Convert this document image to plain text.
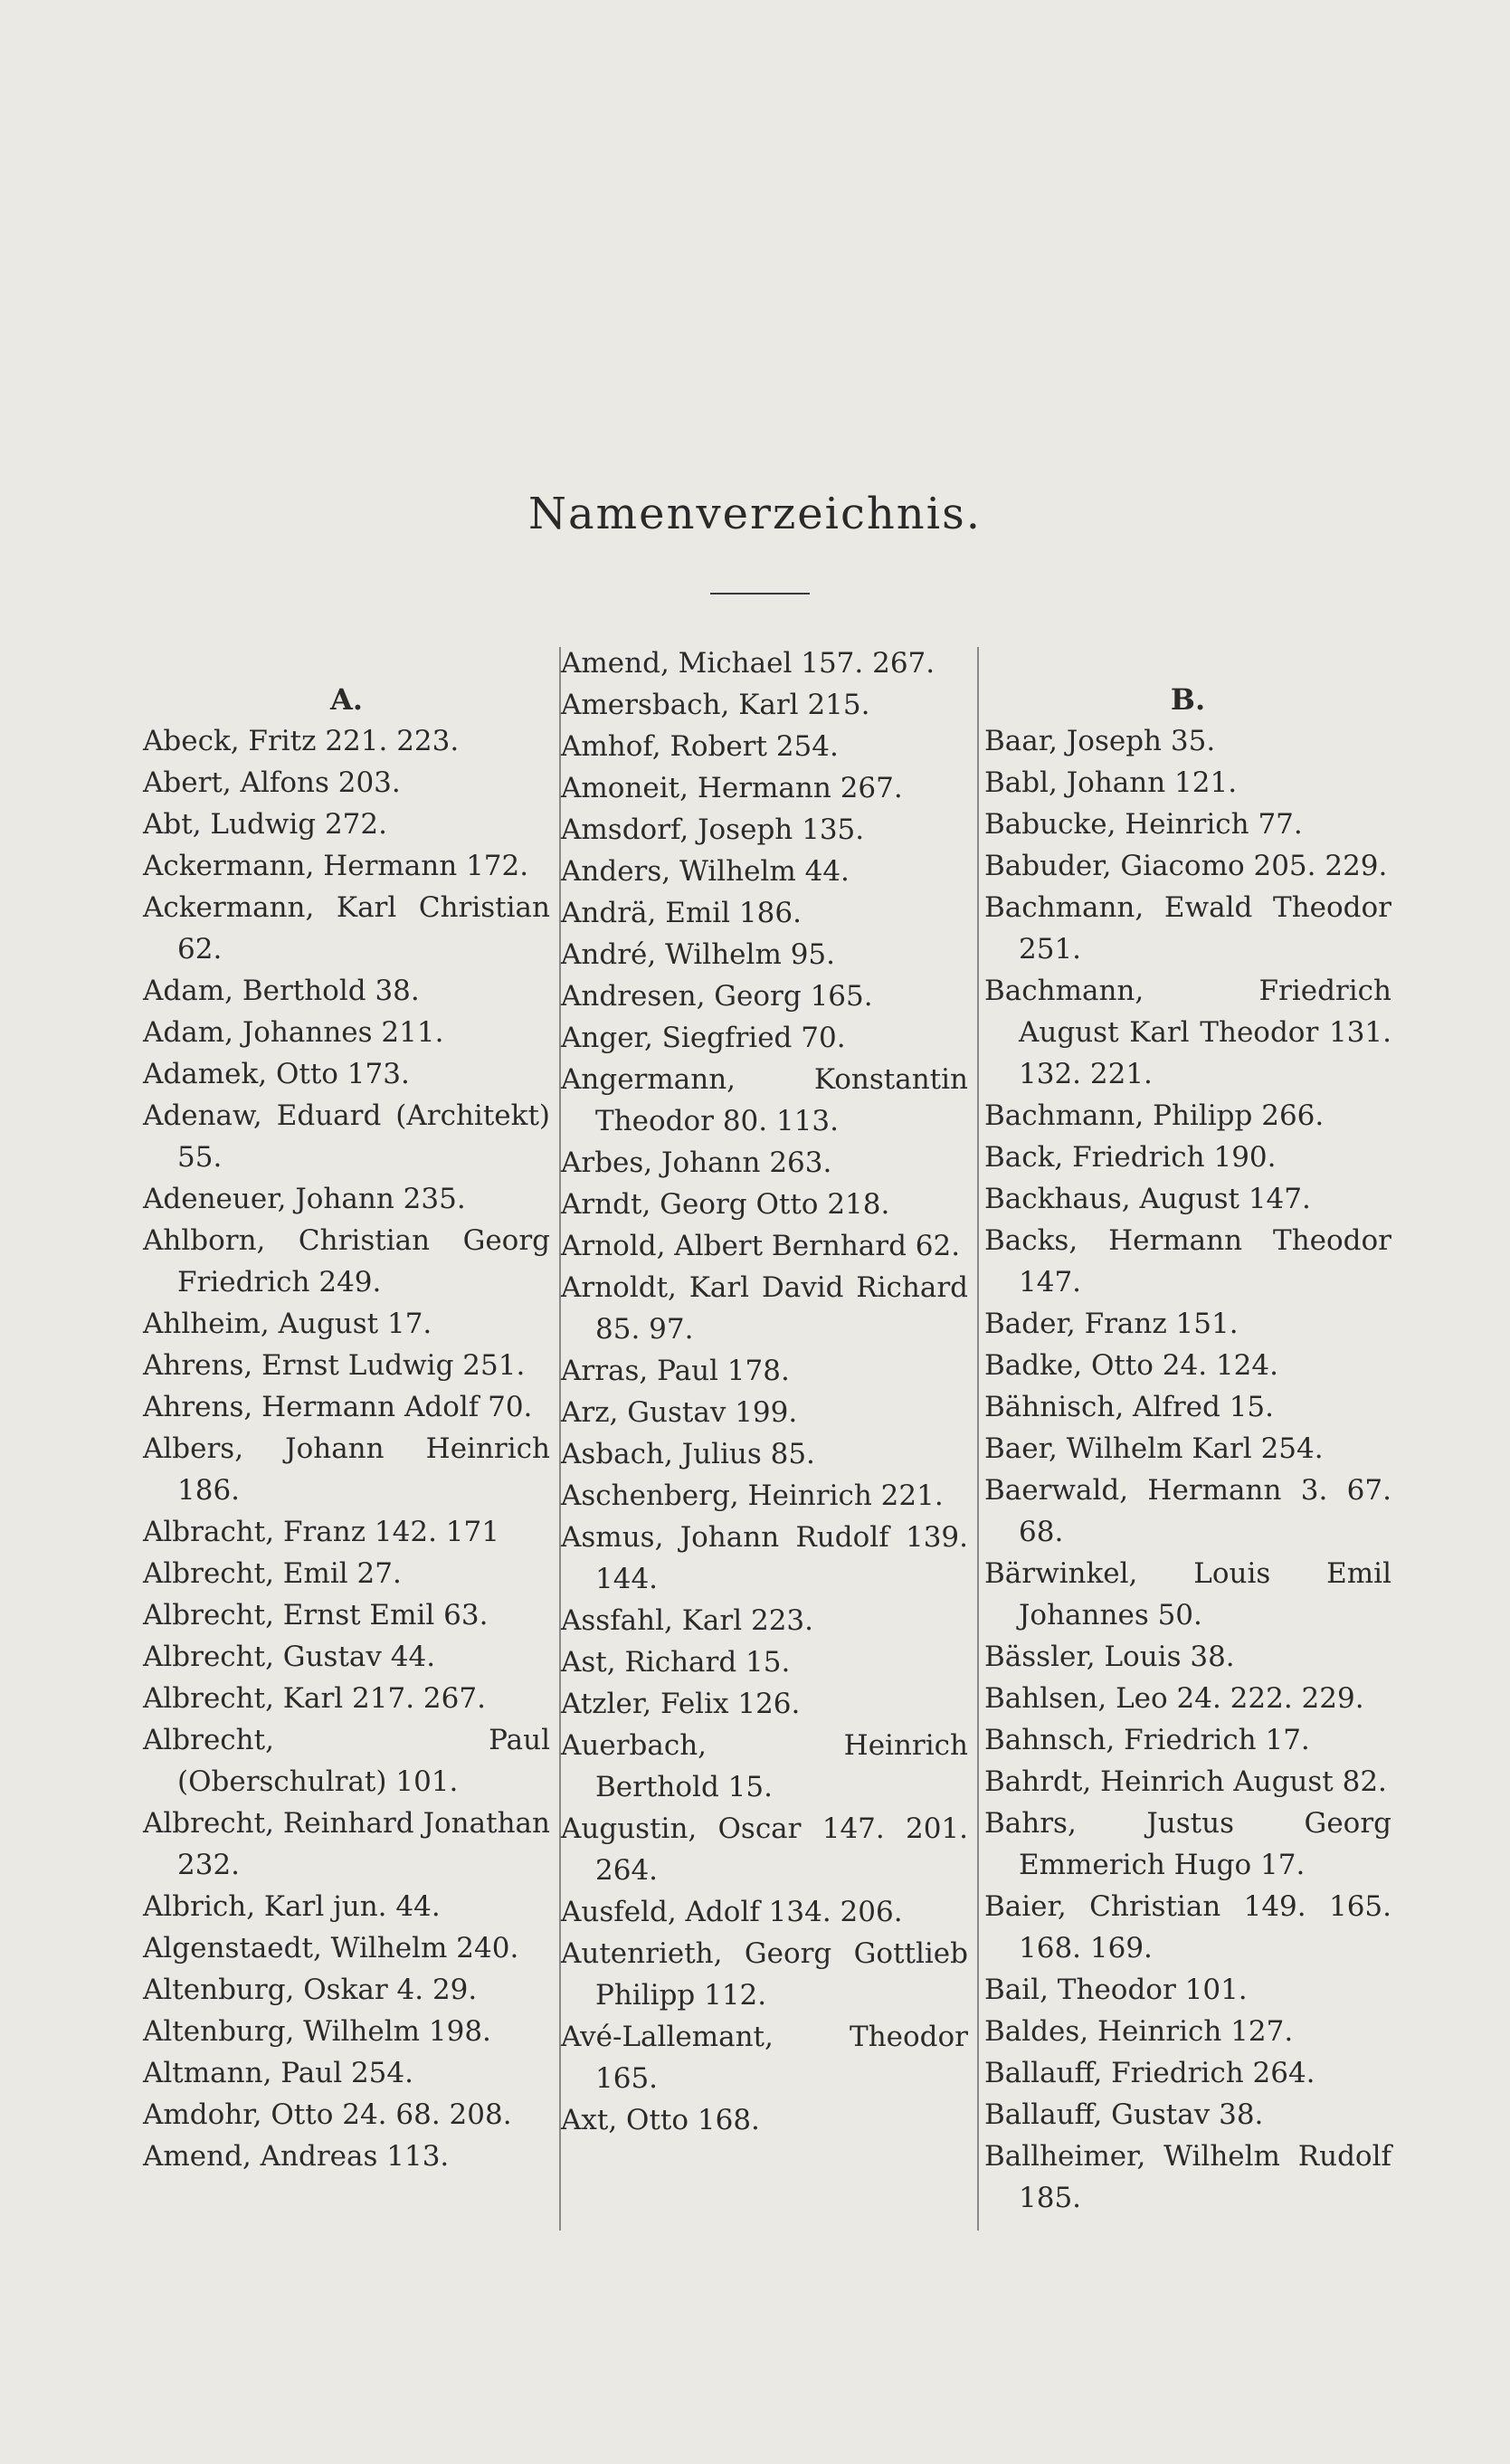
Namenverzeichnis.
A.
Abeck, Fritz 221. 223.
Abert, Alfons 203.
Abt, Ludwig 272.
Ackermann, Hermann 172.
Ackermann, Karl Christian 62.
Adam, Berthold 38.
Adam, Johannes 211.
Adamek, Otto 173.
Adenaw, Eduard (Architekt) 55.
Adeneuer, Johann 235.
Ahlborn, Christian Georg Friedrich 249.
Ahlheim, August 17.
Ahrens, Ernst Ludwig 251.
Ahrens, Hermann Adolf 70.
Albers, Johann Heinrich 186.
Albracht, Franz 142. 171
Albrecht, Emil 27.
Albrecht, Ernst Emil 63.
Albrecht, Gustav 44.
Albrecht, Karl 217. 267.
Albrecht, Paul (Oberschulrat) 101.
Albrecht, Reinhard Jonathan 232.
Albrich, Karl jun. 44.
Algenstaedt, Wilhelm 240.
Altenburg, Oskar 4. 29.
Altenburg, Wilhelm 198.
Altmann, Paul 254.
Amdohr, Otto 24. 68. 208.
Amend, Andreas 113.
Amend, Michael 157. 267.
Amersbach, Karl 215.
Amhof, Robert 254.
Amoneit, Hermann 267.
Amsdorf, Joseph 135.
Anders, Wilhelm 44.
Andrä, Emil 186.
André, Wilhelm 95.
Andresen, Georg 165.
Anger, Siegfried 70.
Angermann, Konstantin Theodor 80. 113.
Arbes, Johann 263.
Arndt, Georg Otto 218.
Arnold, Albert Bernhard 62.
Arnoldt, Karl David Richard 85. 97.
Arras, Paul 178.
Arz, Gustav 199.
Asbach, Julius 85.
Aschenberg, Heinrich 221.
Asmus, Johann Rudolf 139. 144.
Assfahl, Karl 223.
Ast, Richard 15.
Atzler, Felix 126.
Auerbach, Heinrich Berthold 15.
Augustin, Oscar 147. 201. 264.
Ausfeld, Adolf 134. 206.
Autenrieth, Georg Gottlieb Philipp 112.
Avé-Lallemant, Theodor 165.
Axt, Otto 168.
B.
Baar, Joseph 35.
Babl, Johann 121.
Babucke, Heinrich 77.
Babuder, Giacomo 205. 229.
Bachmann, Ewald Theodor 251.
Bachmann, Friedrich August Karl Theodor 131. 132. 221.
Bachmann, Philipp 266.
Back, Friedrich 190.
Backhaus, August 147.
Backs, Hermann Theodor 147.
Bader, Franz 151.
Badke, Otto 24. 124.
Bähnisch, Alfred 15.
Baer, Wilhelm Karl 254.
Baerwald, Hermann 3. 67. 68.
Bärwinkel, Louis Emil Johannes 50.
Bässler, Louis 38.
Bahlsen, Leo 24. 222. 229.
Bahnsch, Friedrich 17.
Bahrdt, Heinrich August 82.
Bahrs, Justus Georg Emmerich Hugo 17.
Baier, Christian 149. 165. 168. 169.
Bail, Theodor 101.
Baldes, Heinrich 127.
Ballauff, Friedrich 264.
Ballauff, Gustav 38.
Ballheimer, Wilhelm Rudolf 185.
